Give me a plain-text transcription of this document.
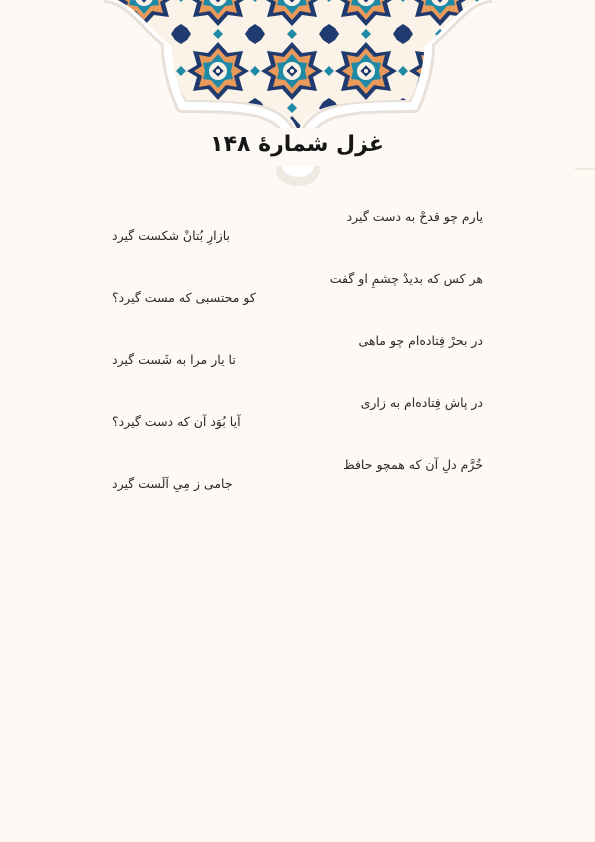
غزل شمارهٔ ۱۴۸
یارم چو قدحْ به دست گیرد
بازارِ بُتانْ شکست گیرد
هر کس که بدیدْ چشمِ او گفت
کو محتسبی که مست گیرد؟
در بحرْ فِتاده‌ام چو ماهی
تا یار مرا به شَست گیرد
در پاش فِتاده‌ام به زاری
آیا بُوَد آن که دست گیرد؟
خُرَّم دلِ آن که همچو حافظ
جامی ز مِیِ اَلَست گیرد
